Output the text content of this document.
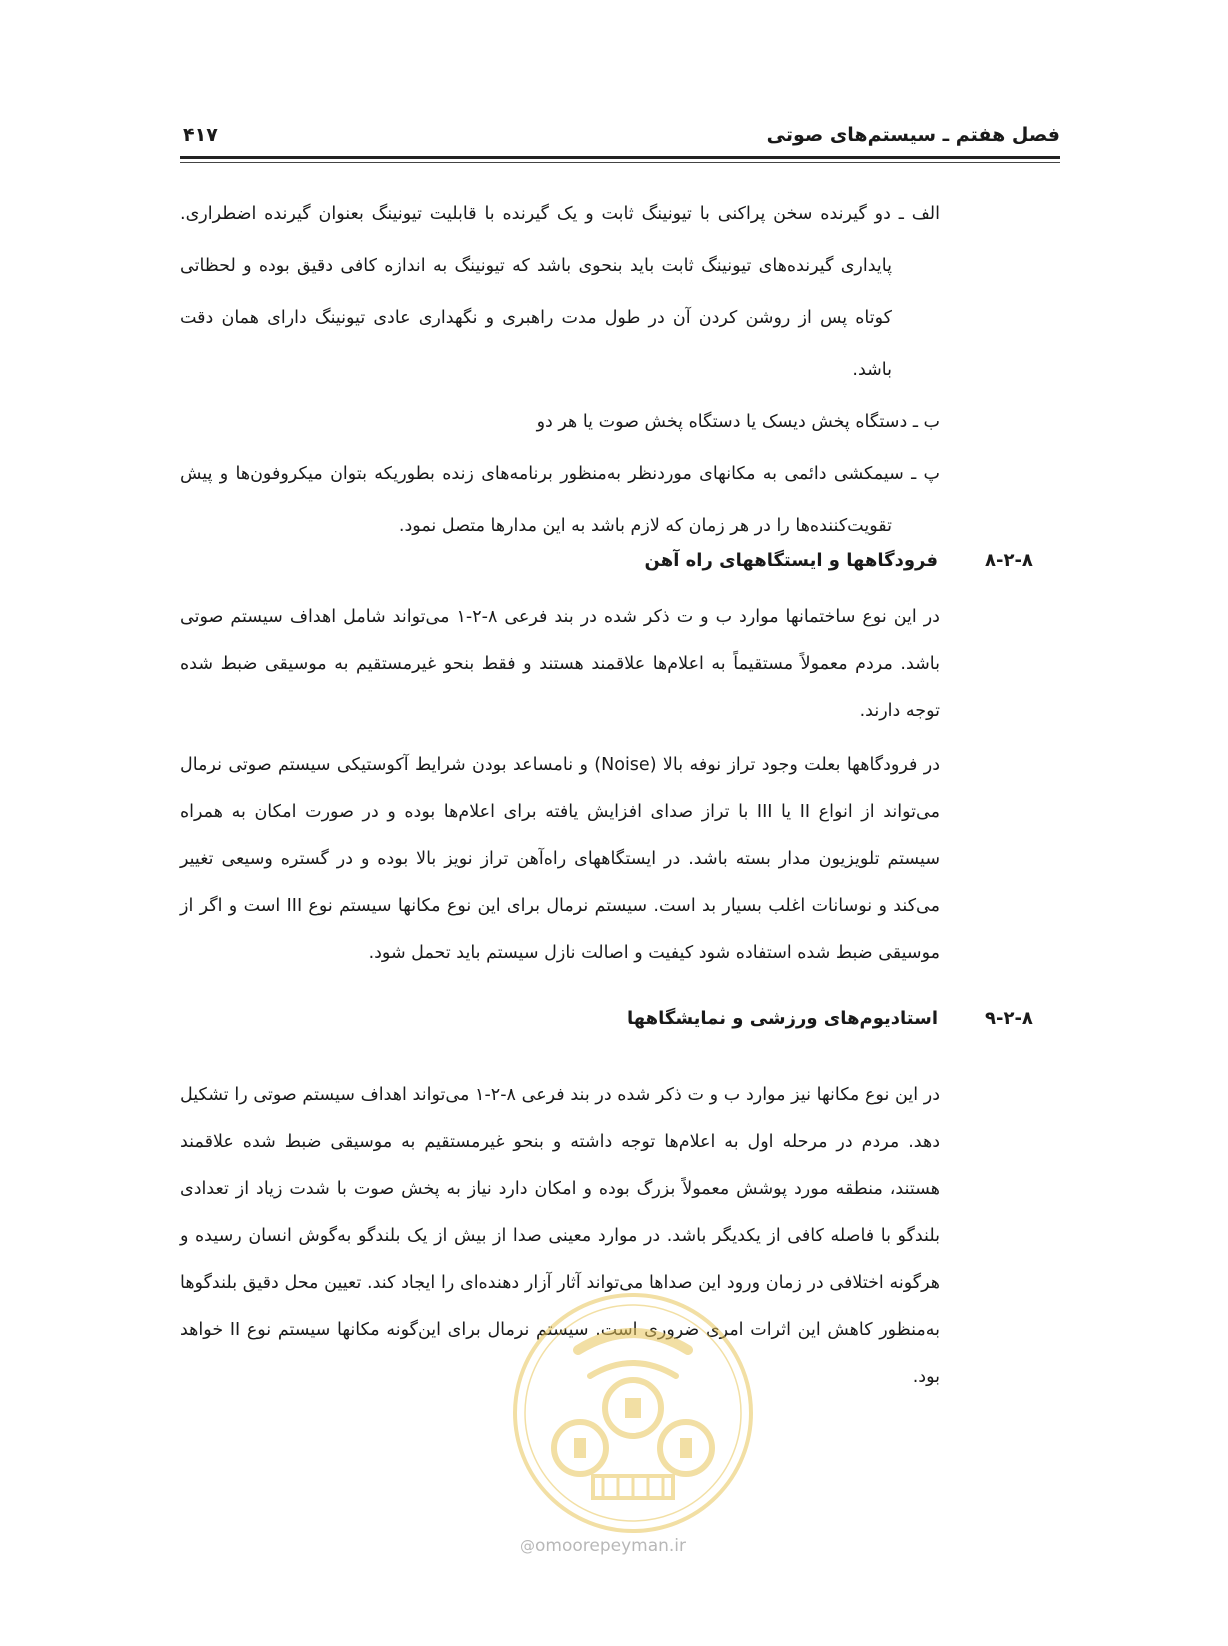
فصل هفتم ـ سیستم‌های صوتی
۴۱۷

الف ـ دو گیرنده سخن پراکنی با تیونینگ ثابت و یک گیرنده با قابلیت تیونینگ بعنوان گیرنده اضطراری. پایداری گیرنده‌های تیونینگ ثابت باید بنحوی باشد که تیونینگ به اندازه کافی دقیق بوده و لحظاتی کوتاه پس از روشن کردن آن در طول مدت راهبری و نگهداری عادی تیونینگ دارای همان دقت باشد.

ب ـ دستگاه پخش دیسک یا دستگاه پخش صوت یا هر دو

پ ـ سیمکشی دائمی به مکانهای موردنظر به‌منظور برنامه‌های زنده بطوریکه بتوان میکروفون‌ها و پیش تقویت‌کننده‌ها را در هر زمان که لازم باشد به این مدارها متصل نمود.

فرودگاهها و ایستگاههای راه آهن	۸-۲-۸

در این نوع ساختمانها موارد ب و ت ذکر شده در بند فرعی ۸-۲-۱ می‌تواند شامل اهداف سیستم صوتی باشد. مردم معمولاً مستقیماً به اعلام‌ها علاقمند هستند و فقط بنحو غیرمستقیم به موسیقی ضبط شده توجه دارند.

در فرودگاهها بعلت وجود تراز نوفه بالا (Noise) و نامساعد بودن شرایط آکوستیکی سیستم صوتی نرمال می‌تواند از انواع II یا III با تراز صدای افزایش یافته برای اعلام‌ها بوده و در صورت امکان به همراه سیستم تلویزیون مدار بسته باشد. در ایستگاههای راه‌آهن تراز نویز بالا بوده و در گستره وسیعی تغییر می‌کند و نوسانات اغلب بسیار بد است. سیستم نرمال برای این نوع مکانها سیستم نوع III است و اگر از موسیقی ضبط شده استفاده شود کیفیت و اصالت نازل سیستم باید تحمل شود.

استادیوم‌های ورزشی و نمایشگاهها	۹-۲-۸

در این نوع مکانها نیز موارد ب و ت ذکر شده در بند فرعی ۸-۲-۱ می‌تواند اهداف سیستم صوتی را تشکیل دهد. مردم در مرحله اول به اعلام‌ها توجه داشته و بنحو غیرمستقیم به موسیقی ضبط شده علاقمند هستند، منطقه مورد پوشش معمولاً بزرگ بوده و امکان دارد نیاز به پخش صوت با شدت زیاد از تعدادی بلندگو با فاصله کافی از یکدیگر باشد. در موارد معینی صدا از بیش از یک بلندگو به‌گوش انسان رسیده و هرگونه اختلافی در زمان ورود این صداها می‌تواند آثار آزار دهنده‌ای را ایجاد کند. تعیین محل دقیق بلندگوها به‌منظور کاهش این اثرات امری ضروری است. سیستم نرمال برای این‌گونه مکانها سیستم نوع II خواهد بود.

@omoorepeyman.ir
